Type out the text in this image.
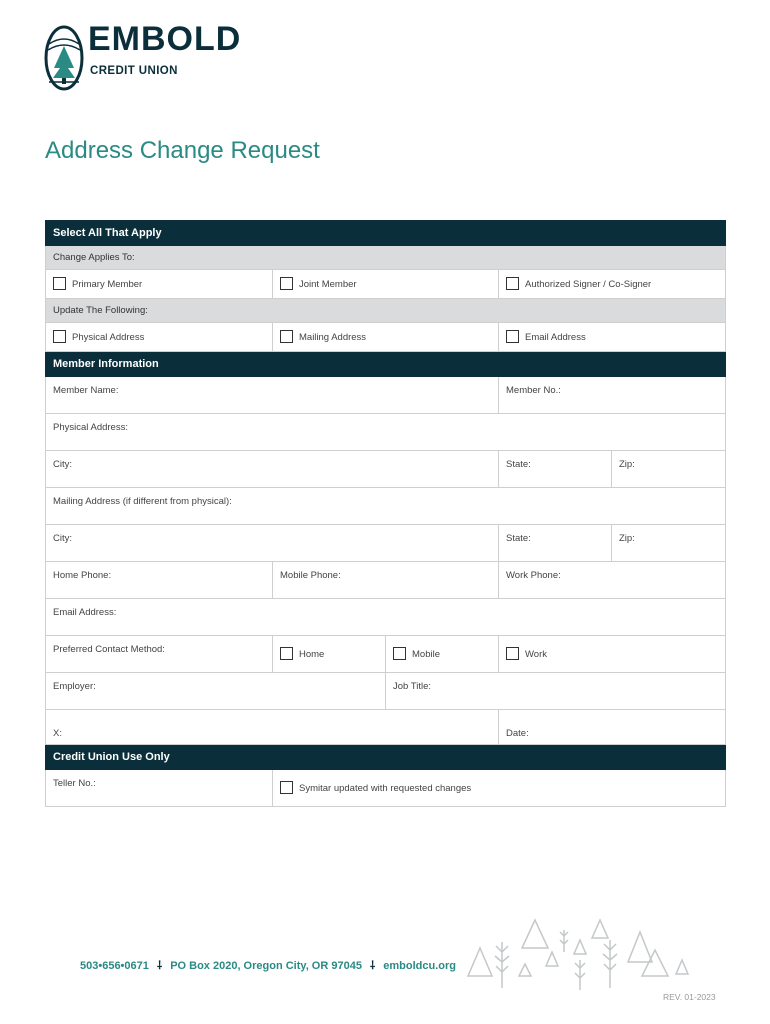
EMBOLD
CREDIT UNION
Address Change Request
Select All That Apply				
Change Applies To:				
Primary Member	Joint Member		Authorized Signer / Co-Signer	
Update The Following:				
Physical Address	Mailing Address		Email Address	
Member Information				
Member Name:			Member No.:	
Physical Address:				
City:			State:	Zip:
Mailing Address (if different from physical):				
City:			State:	Zip:
Home Phone:	Mobile Phone:		Work Phone:	
Email Address:				
Preferred Contact Method:	Home	Mobile	Work	
Employer:		Job Title:		
X:			Date:	
Credit Union Use Only				
Teller No.:	Symitar updated with requested changes			
503•656•0671 ⸸ PO Box 2020, Oregon City, OR 97045 ⸸ emboldcu.org
REV. 01-2023
